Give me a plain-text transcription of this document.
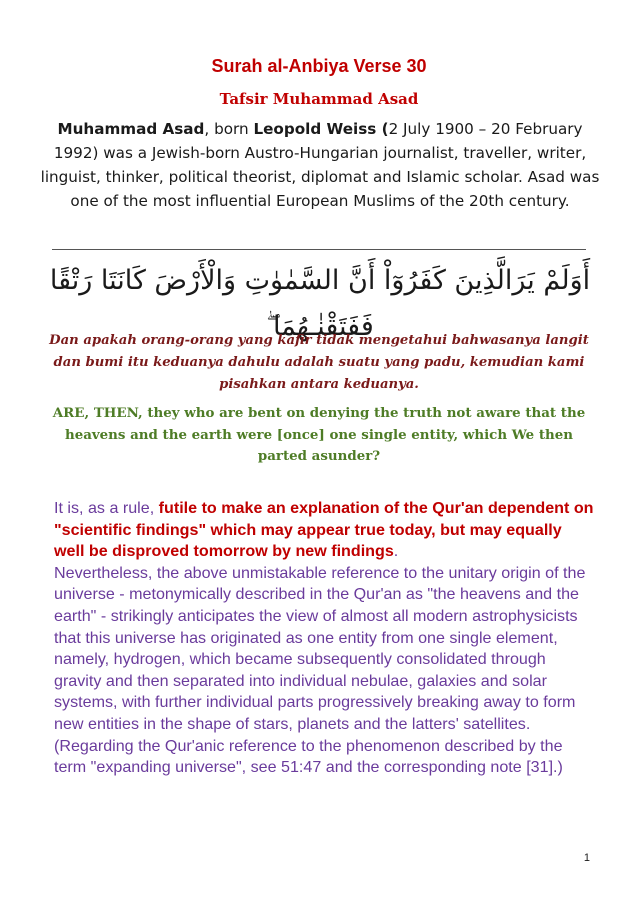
Surah al-Anbiya Verse 30
Tafsir Muhammad Asad
Muhammad Asad, born Leopold Weiss (2 July 1900 – 20 February 1992) was a Jewish-born Austro-Hungarian journalist, traveller, writer, linguist, thinker, political theorist, diplomat and Islamic scholar. Asad was one of the most influential European Muslims of the 20th century.
أَوَلَمْ يَرَالَّذِينَ كَفَرُوٓاْ أَنَّ السَّمٰوٰتِ وَالْأَرْضَ كَانَتَا رَتْقًا فَفَتَقْنٰـهُمَا ۖ
Dan apakah orang-orang yang kafir tidak mengetahui bahwasanya langit dan bumi itu keduanya dahulu adalah suatu yang padu, kemudian kami pisahkan antara keduanya.
ARE, THEN, they who are bent on denying the truth not aware that the heavens and the earth were [once] one single entity, which We then parted asunder?
It is, as a rule, futile to make an explanation of the Qur'an dependent on "scientific findings" which may appear true today, but may equally well be disproved tomorrow by new findings.
Nevertheless, the above unmistakable reference to the unitary origin of the universe - metonymically described in the Qur'an as "the heavens and the earth" - strikingly anticipates the view of almost all modern astrophysicists that this universe has originated as one entity from one single element, namely, hydrogen, which became subsequently consolidated through gravity and then separated into individual nebulae, galaxies and solar systems, with further individual parts progressively breaking away to form new entities in the shape of stars, planets and the latters' satellites. (Regarding the Qur'anic reference to the phenomenon described by the term "expanding universe", see 51:47 and the corresponding note [31].)
1
